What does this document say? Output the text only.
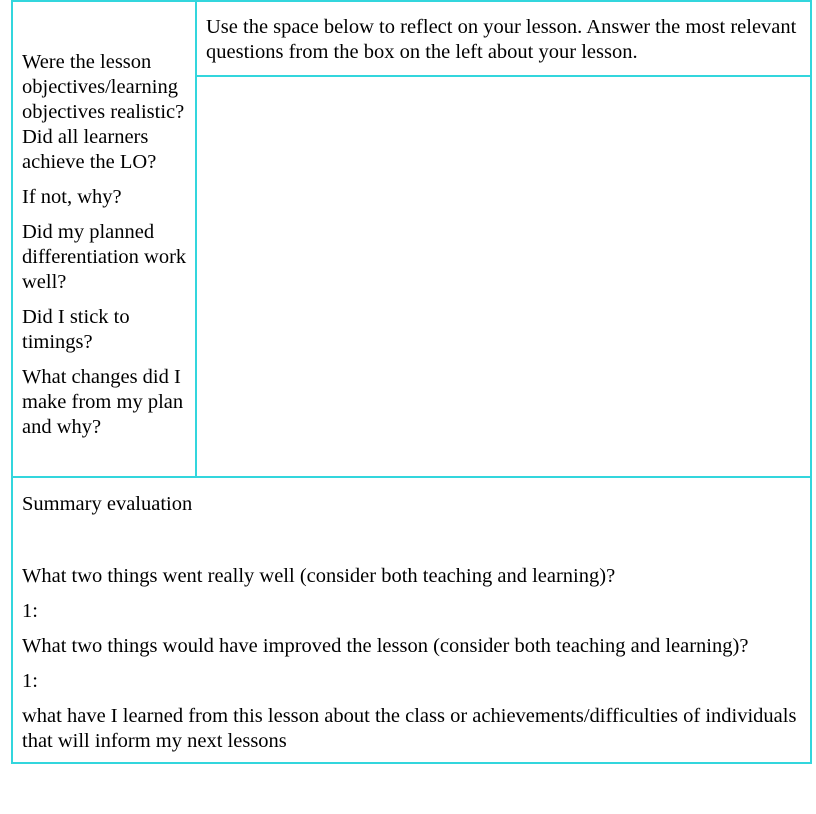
Were the lesson objectives/learning objectives realistic? Did all learners achieve the LO?

If not, why?

Did my planned differentiation work well?

Did I stick to timings?

What changes did I make from my plan and why?

Use the space below to reflect on your lesson. Answer the most relevant questions from the box on the left about your lesson.

Summary evaluation

What two things went really well (consider both teaching and learning)?

1:

What two things would have improved the lesson (consider both teaching and learning)?

1:

what have I learned from this lesson about the class or achievements/difficulties of individuals that will inform my next lessons
